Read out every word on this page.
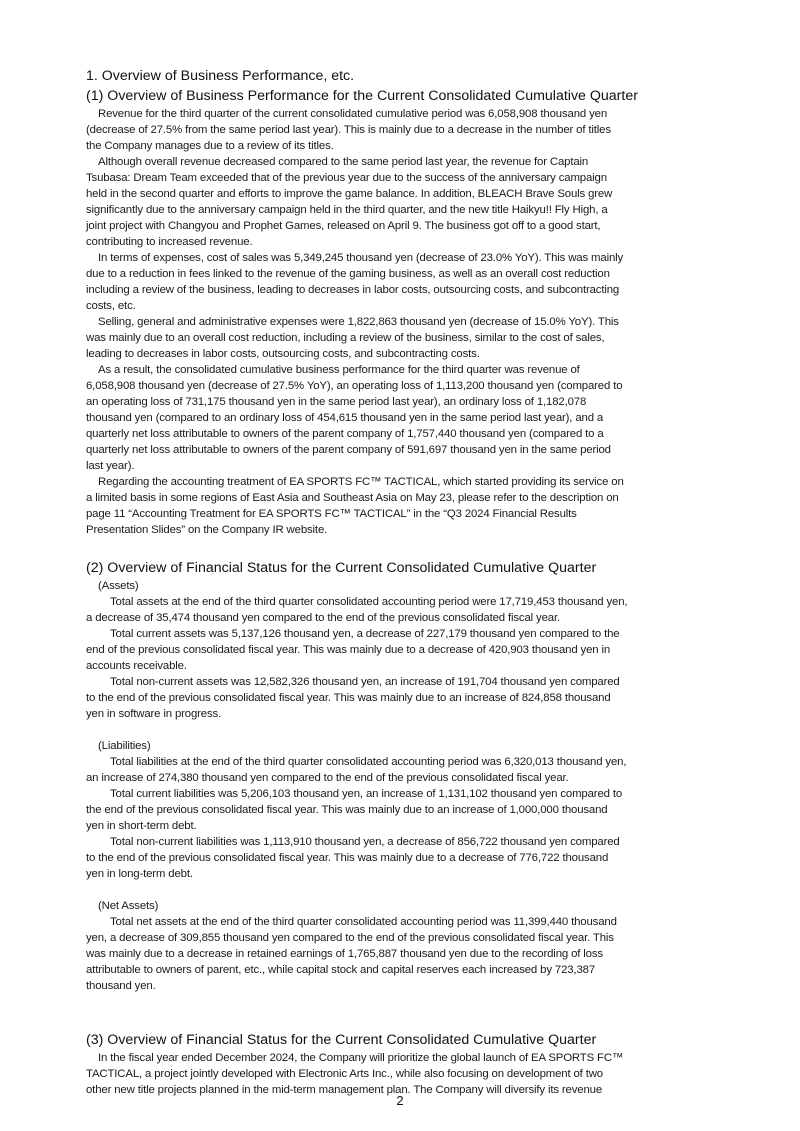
1. Overview of Business Performance, etc.
(1) Overview of Business Performance for the Current Consolidated Cumulative Quarter
Revenue for the third quarter of the current consolidated cumulative period was 6,058,908 thousand yen
(decrease of 27.5% from the same period last year). This is mainly due to a decrease in the number of titles
the Company manages due to a review of its titles.
Although overall revenue decreased compared to the same period last year, the revenue for Captain
Tsubasa: Dream Team exceeded that of the previous year due to the success of the anniversary campaign
held in the second quarter and efforts to improve the game balance. In addition, BLEACH Brave Souls grew
significantly due to the anniversary campaign held in the third quarter, and the new title Haikyu!! Fly High, a
joint project with Changyou and Prophet Games, released on April 9. The business got off to a good start,
contributing to increased revenue.
In terms of expenses, cost of sales was 5,349,245 thousand yen (decrease of 23.0% YoY). This was mainly
due to a reduction in fees linked to the revenue of the gaming business, as well as an overall cost reduction
including a review of the business, leading to decreases in labor costs, outsourcing costs, and subcontracting
costs, etc.
Selling, general and administrative expenses were 1,822,863 thousand yen (decrease of 15.0% YoY). This
was mainly due to an overall cost reduction, including a review of the business, similar to the cost of sales,
leading to decreases in labor costs, outsourcing costs, and subcontracting costs.
As a result, the consolidated cumulative business performance for the third quarter was revenue of
6,058,908 thousand yen (decrease of 27.5% YoY), an operating loss of 1,113,200 thousand yen (compared to
an operating loss of 731,175 thousand yen in the same period last year), an ordinary loss of 1,182,078
thousand yen (compared to an ordinary loss of 454,615 thousand yen in the same period last year), and a
quarterly net loss attributable to owners of the parent company of 1,757,440 thousand yen (compared to a
quarterly net loss attributable to owners of the parent company of 591,697 thousand yen in the same period
last year).
Regarding the accounting treatment of EA SPORTS FC™ TACTICAL, which started providing its service on
a limited basis in some regions of East Asia and Southeast Asia on May 23, please refer to the description on
page 11 “Accounting Treatment for EA SPORTS FC™ TACTICAL” in the “Q3 2024 Financial Results
Presentation Slides” on the Company IR website.
(2) Overview of Financial Status for the Current Consolidated Cumulative Quarter
(Assets)
Total assets at the end of the third quarter consolidated accounting period were 17,719,453 thousand yen,
a decrease of 35,474 thousand yen compared to the end of the previous consolidated fiscal year.
Total current assets was 5,137,126 thousand yen, a decrease of 227,179 thousand yen compared to the
end of the previous consolidated fiscal year. This was mainly due to a decrease of 420,903 thousand yen in
accounts receivable.
Total non-current assets was 12,582,326 thousand yen, an increase of 191,704 thousand yen compared
to the end of the previous consolidated fiscal year. This was mainly due to an increase of 824,858 thousand
yen in software in progress.
(Liabilities)
Total liabilities at the end of the third quarter consolidated accounting period was 6,320,013 thousand yen,
an increase of 274,380 thousand yen compared to the end of the previous consolidated fiscal year.
Total current liabilities was 5,206,103 thousand yen, an increase of 1,131,102 thousand yen compared to
the end of the previous consolidated fiscal year. This was mainly due to an increase of 1,000,000 thousand
yen in short-term debt.
Total non-current liabilities was 1,113,910 thousand yen, a decrease of 856,722 thousand yen compared
to the end of the previous consolidated fiscal year. This was mainly due to a decrease of 776,722 thousand
yen in long-term debt.
(Net Assets)
Total net assets at the end of the third quarter consolidated accounting period was 11,399,440 thousand
yen, a decrease of 309,855 thousand yen compared to the end of the previous consolidated fiscal year. This
was mainly due to a decrease in retained earnings of 1,765,887 thousand yen due to the recording of loss
attributable to owners of parent, etc., while capital stock and capital reserves each increased by 723,387
thousand yen.
(3) Overview of Financial Status for the Current Consolidated Cumulative Quarter
In the fiscal year ended December 2024, the Company will prioritize the global launch of EA SPORTS FC™
TACTICAL, a project jointly developed with Electronic Arts Inc., while also focusing on development of two
other new title projects planned in the mid-term management plan. The Company will diversify its revenue
2
